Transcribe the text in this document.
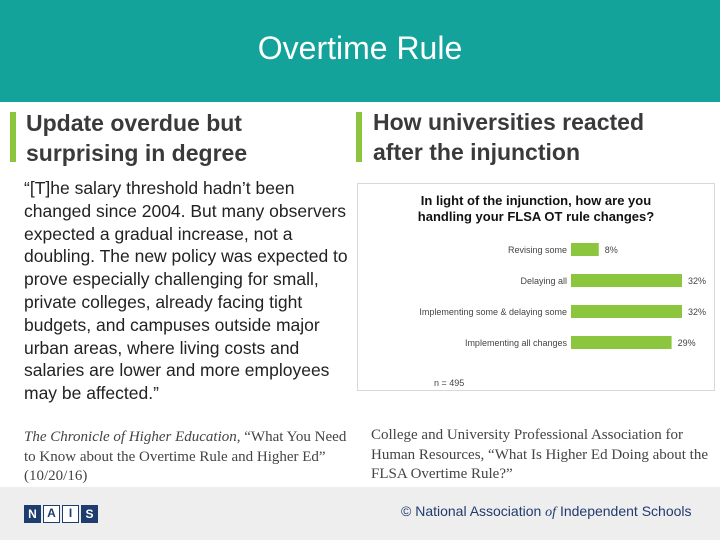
Overtime Rule
Update overdue but
surprising in degree
“[T]he salary threshold hadn’t been changed since 2004. But many observers expected a gradual increase, not a doubling. The new policy was expected to prove especially challenging for small, private colleges, already facing tight budgets, and campuses outside major urban areas, where living costs and salaries are lower and more employees may be affected.”
The Chronicle of Higher Education, “What You Need to Know about the Overtime Rule and Higher Ed” (10/20/16)
How universities reacted
after the injunction
In light of the injunction, how are you handling your FLSA OT rule changes?
Revising some	8%
Delaying all	32%
Implementing some & delaying some	32%
Implementing all changes	29%
n = 495
College and University Professional Association for Human Resources, “What Is Higher Ed Doing about the FLSA Overtime Rule?”
N A	I	S	© National Association of Independent Schools
